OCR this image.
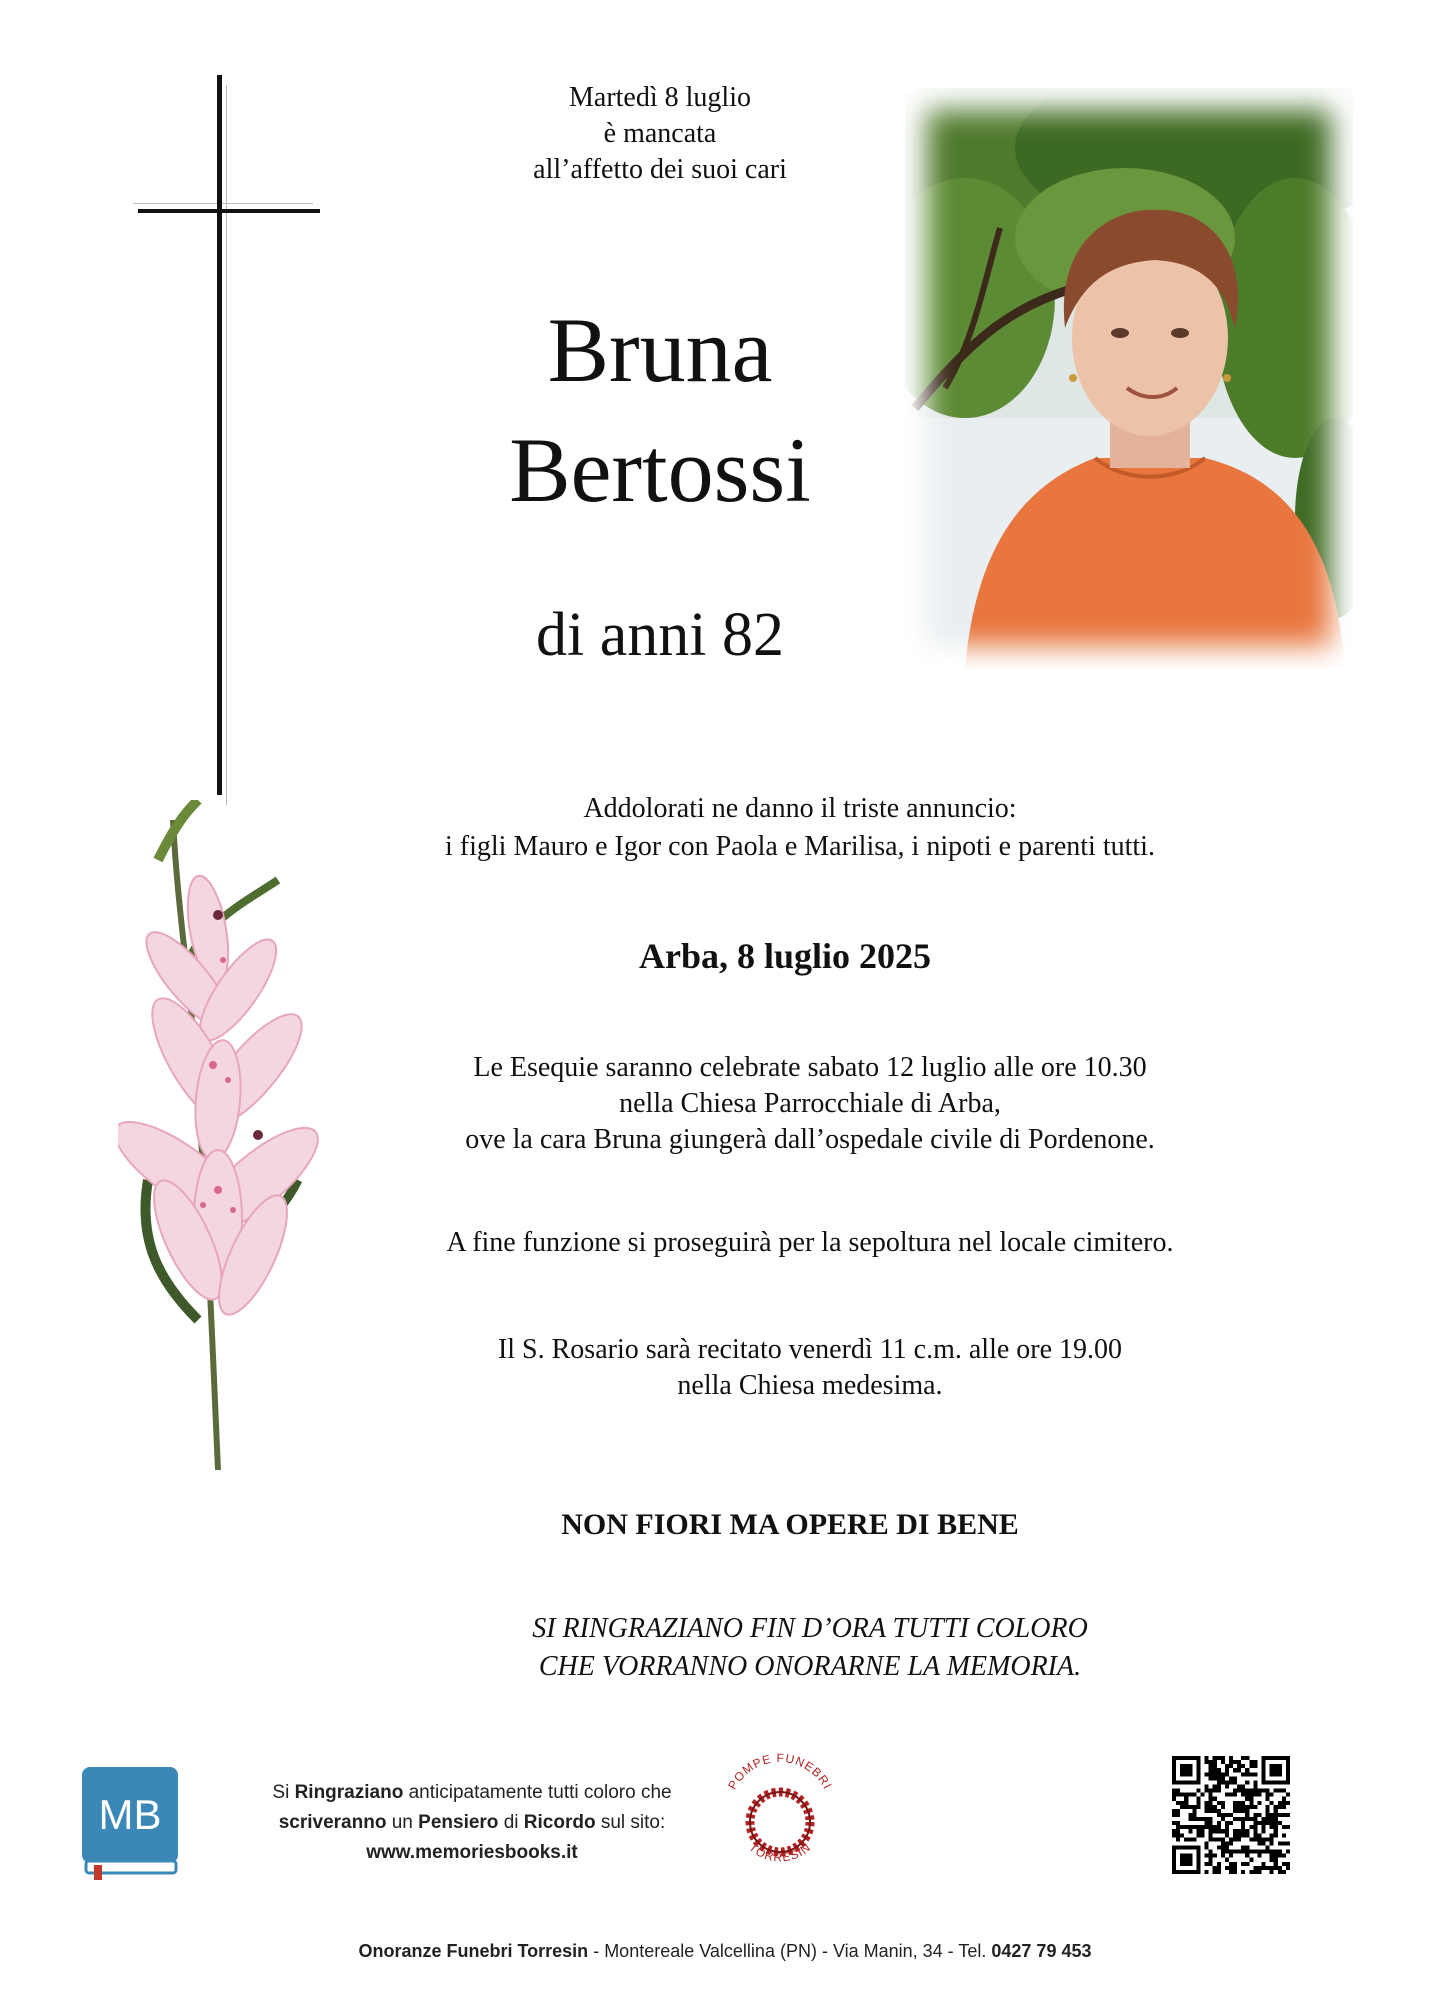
Martedì 8 luglio
è mancata
all’affetto dei suoi cari
Bruna
Bertossi
di anni 82
Addolorati ne danno il triste annuncio:
i figli Mauro e Igor con Paola e Marilisa, i nipoti e parenti tutti.
Arba, 8 luglio 2025
Le Esequie saranno celebrate sabato 12 luglio alle ore 10.30
nella Chiesa Parrocchiale di Arba,
ove la cara Bruna giungerà dall’ospedale civile di Pordenone.
A fine funzione si proseguirà per la sepoltura nel locale cimitero.
Il S. Rosario sarà recitato venerdì 11 c.m. alle ore 19.00
nella Chiesa medesima.
NON FIORI MA OPERE DI BENE
SI RINGRAZIANO FIN D’ORA TUTTI COLORO
CHE VORRANNO ONORARNE LA MEMORIA.
MB	Si Ringraziano anticipatamente tutti coloro che
scriveranno un Pensiero di Ricordo sul sito:
www.memoriesbooks.it
POMPE FUNEBRI
TORRESIN
Onoranze Funebri Torresin - Montereale Valcellina (PN) - Via Manin, 34 - Tel. 0427 79 453
